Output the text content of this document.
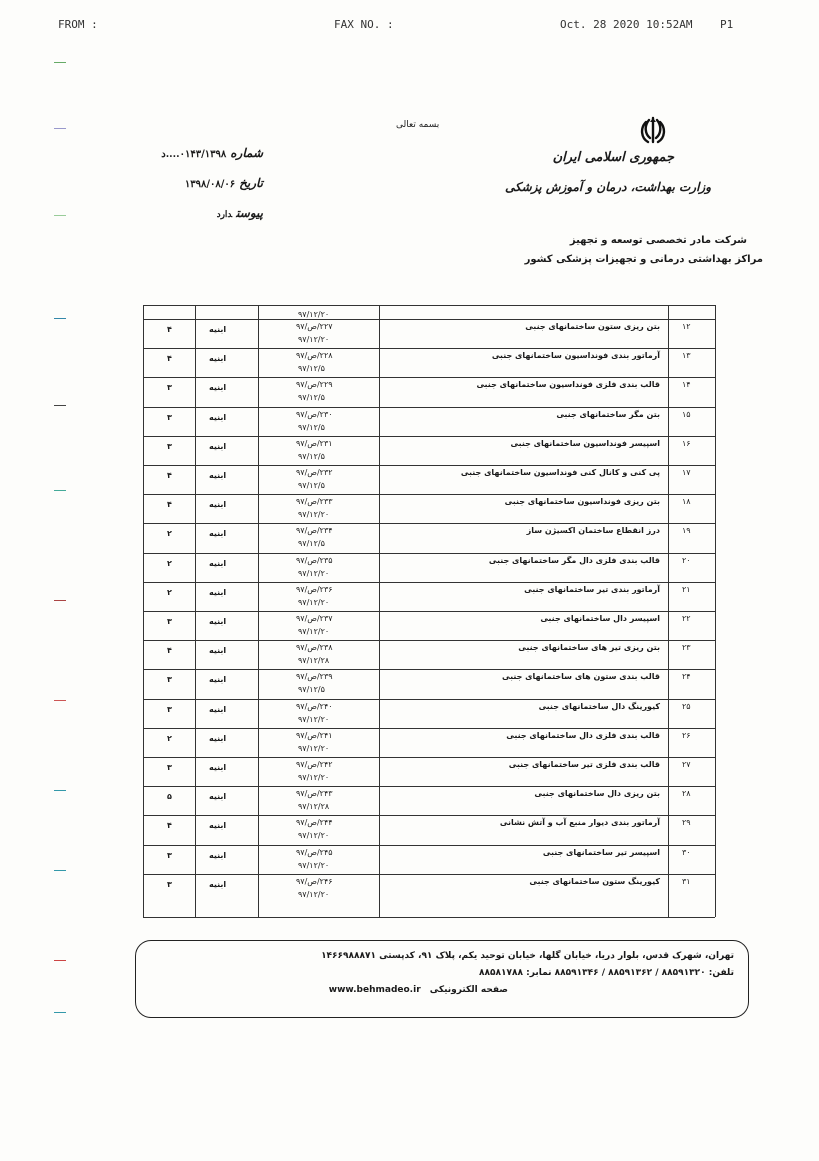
FROM :	FAX NO. :	Oct. 28 2020 10:52AM	P1
بسمه تعالی
جمهوری اسلامی ایران
وزارت بهداشت، درمان و آموزش پزشکی
شرکت مادر تخصصی توسعه و تجهیز
مراکز بهداشتی درمانی و تجهیزات پزشکی کشور
شماره۰۱۴۳/۱۳۹۸....د
تاریخ۱۳۹۸/۰۸/۰۶
پیوستدارد
۹۷/۱۲/۲۰
۱۲
بتن ریزی ستون ساختمانهای جنبی
۲۲۷/ص/۹۷
۹۷/۱۲/۲۰
ابنیه
۴
۱۳
آرماتور بندی فونداسیون ساختمانهای جنبی
۲۲۸/ص/۹۷
۹۷/۱۲/۵
ابنیه
۴
۱۴
قالب بندی فلزی فونداسیون ساختمانهای جنبی
۲۲۹/ص/۹۷
۹۷/۱۲/۵
ابنیه
۳
۱۵
بتن مگر ساختمانهای جنبی
۲۳۰/ص/۹۷
۹۷/۱۲/۵
ابنیه
۳
۱۶
اسپیسر فونداسیون ساختمانهای جنبی
۲۳۱/ص/۹۷
۹۷/۱۲/۵
ابنیه
۳
۱۷
پی کنی و کانال کنی فونداسیون ساختمانهای جنبی
۲۳۲/ص/۹۷
۹۷/۱۲/۵
ابنیه
۴
۱۸
بتن ریزی فونداسیون ساختمانهای جنبی
۲۳۳/ص/۹۷
۹۷/۱۲/۲۰
ابنیه
۴
۱۹
درز انقطاع ساختمان اکسیژن ساز
۲۳۴/ص/۹۷
۹۷/۱۲/۵
ابنیه
۲
۲۰
قالب بندی فلزی دال مگر ساختمانهای جنبی
۲۳۵/ص/۹۷
۹۷/۱۲/۲۰
ابنیه
۲
۲۱
آرماتور بندی تیر ساختمانهای جنبی
۲۳۶/ص/۹۷
۹۷/۱۲/۲۰
ابنیه
۲
۲۲
اسپیسر دال ساختمانهای جنبی
۲۳۷/ص/۹۷
۹۷/۱۲/۲۰
ابنیه
۳
۲۳
بتن ریزی تیر های ساختمانهای جنبی
۲۳۸/ص/۹۷
۹۷/۱۲/۲۸
ابنیه
۴
۲۴
قالب بندی ستون های ساختمانهای جنبی
۲۳۹/ص/۹۷
۹۷/۱۲/۵
ابنیه
۳
۲۵
کیورینگ دال ساختمانهای جنبی
۲۴۰/ص/۹۷
۹۷/۱۲/۲۰
ابنیه
۳
۲۶
قالب بندی فلزی دال ساختمانهای جنبی
۲۴۱/ص/۹۷
۹۷/۱۲/۲۰
ابنیه
۲
۲۷
قالب بندی فلزی تیر ساختمانهای جنبی
۲۴۲/ص/۹۷
۹۷/۱۲/۲۰
ابنیه
۳
۲۸
بتن ریزی دال ساختمانهای جنبی
۲۴۳/ص/۹۷
۹۷/۱۲/۲۸
ابنیه
۵
۲۹
آرماتور بندی دیوار منبع آب و آتش نشانی
۲۴۴/ص/۹۷
۹۷/۱۲/۲۰
ابنیه
۴
۳۰
اسپیسر تیر ساختمانهای جنبی
۲۴۵/ص/۹۷
۹۷/۱۲/۲۰
ابنیه
۳
۳۱
کیورینگ ستون ساختمانهای جنبی
۲۴۶/ص/۹۷
۹۷/۱۲/۲۰
ابنیه
۳
تهران، شهرک قدس، بلوار دریا، خیابان گلها، خیابان توحید یکم، پلاک ۹۱، کدپستی ۱۴۶۶۹۸۸۸۷۱
تلفن: ۸۸۵۹۱۳۲۰ / ۸۸۵۹۱۳۶۲ / ۸۸۵۹۱۳۴۶ نمابر: ۸۸۵۸۱۷۸۸
صفحه الکترونیکی www.behmadeo.ir
